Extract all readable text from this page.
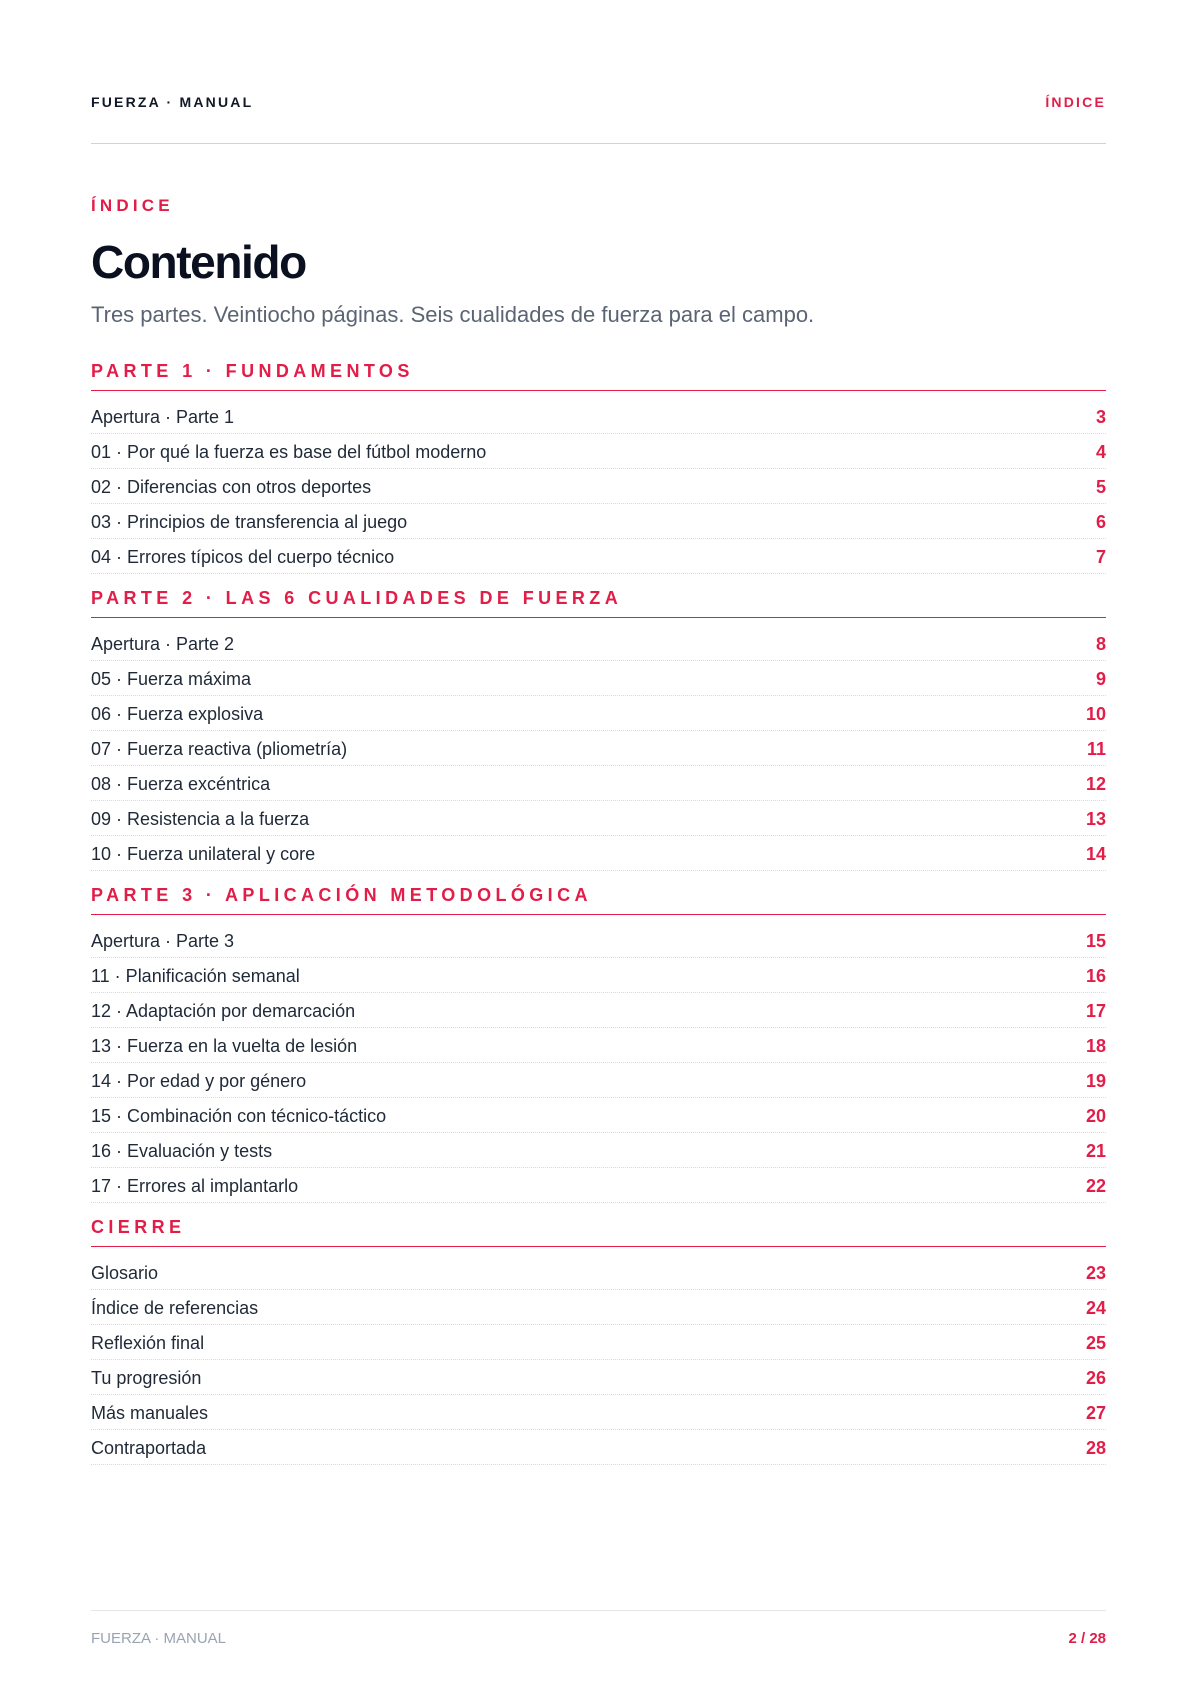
FUERZA · MANUAL	ÍNDICE
ÍNDICE
Contenido
Tres partes. Veintiocho páginas. Seis cualidades de fuerza para el campo.
PARTE 1 · FUNDAMENTOS
Apertura · Parte 1	3
01 · Por qué la fuerza es base del fútbol moderno	4
02 · Diferencias con otros deportes	5
03 · Principios de transferencia al juego	6
04 · Errores típicos del cuerpo técnico	7
PARTE 2 · LAS 6 CUALIDADES DE FUERZA
Apertura · Parte 2	8
05 · Fuerza máxima	9
06 · Fuerza explosiva	10
07 · Fuerza reactiva (pliometría)	11
08 · Fuerza excéntrica	12
09 · Resistencia a la fuerza	13
10 · Fuerza unilateral y core	14
PARTE 3 · APLICACIÓN METODOLÓGICA
Apertura · Parte 3	15
11 · Planificación semanal	16
12 · Adaptación por demarcación	17
13 · Fuerza en la vuelta de lesión	18
14 · Por edad y por género	19
15 · Combinación con técnico-táctico	20
16 · Evaluación y tests	21
17 · Errores al implantarlo	22
CIERRE
Glosario	23
Índice de referencias	24
Reflexión final	25
Tu progresión	26
Más manuales	27
Contraportada	28
FUERZA · MANUAL	2 / 28
